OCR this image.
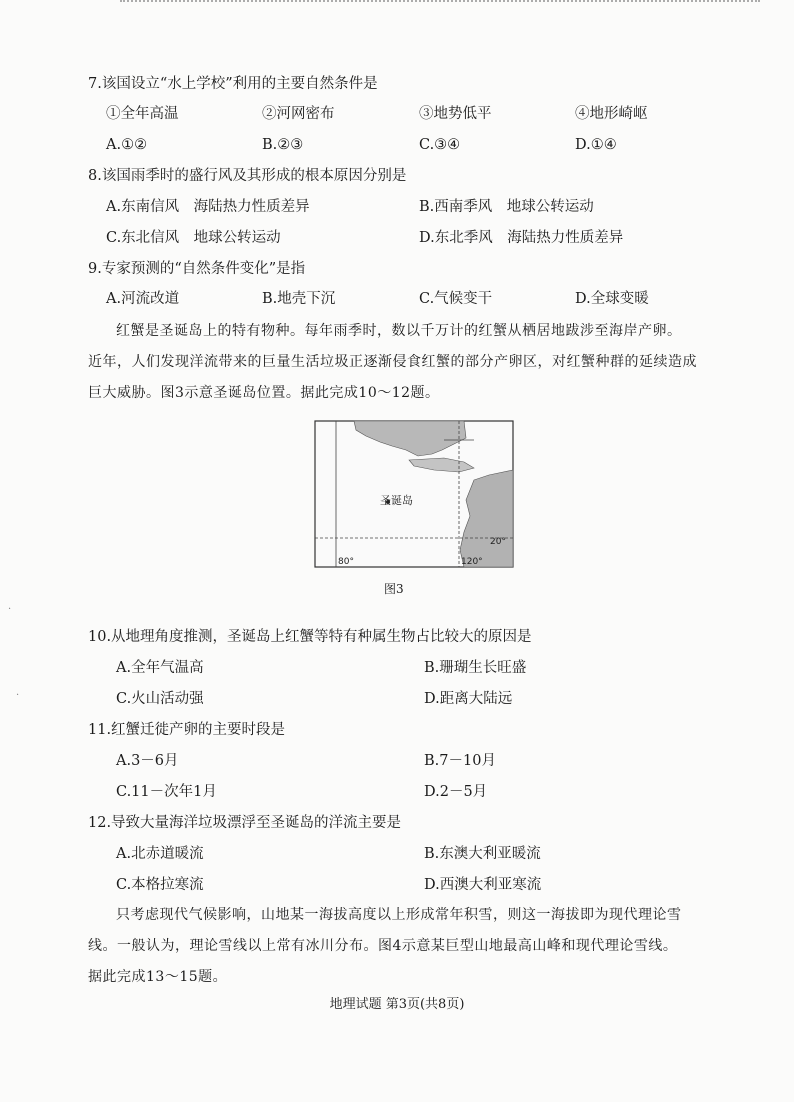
·
·
7.该国设立“水上学校”利用的主要自然条件是
①全年高温	②河网密布	③地势低平	④地形崎岖
A.①②	B.②③	C.③④	D.①④
8.该国雨季时的盛行风及其形成的根本原因分别是
A.东南信风　海陆热力性质差异	B.西南季风　地球公转运动
C.东北信风　地球公转运动	D.东北季风　海陆热力性质差异
9.专家预测的“自然条件变化”是指
A.河流改道	B.地壳下沉	C.气候变干	D.全球变暖
红蟹是圣诞岛上的特有物种。每年雨季时，数以千万计的红蟹从栖居地跋涉至海岸产卵。
近年，人们发现洋流带来的巨量生活垃圾正逐渐侵食红蟹的部分产卵区，对红蟹种群的延续造成
巨大威胁。图3示意圣诞岛位置。据此完成10～12题。
圣诞岛
80°	120°
20°
图3
10.从地理角度推测，圣诞岛上红蟹等特有种属生物占比较大的原因是
A.全年气温高	B.珊瑚生长旺盛
C.火山活动强	D.距离大陆远
11.红蟹迁徙产卵的主要时段是
A.3－6月	B.7－10月
C.11－次年1月	D.2－5月
12.导致大量海洋垃圾漂浮至圣诞岛的洋流主要是
A.北赤道暖流	B.东澳大利亚暖流
C.本格拉寒流	D.西澳大利亚寒流
只考虑现代气候影响，山地某一海拔高度以上形成常年积雪，则这一海拔即为现代理论雪
线。一般认为，理论雪线以上常有冰川分布。图4示意某巨型山地最高山峰和现代理论雪线。
据此完成13～15题。
地理试题 第3页(共8页)
